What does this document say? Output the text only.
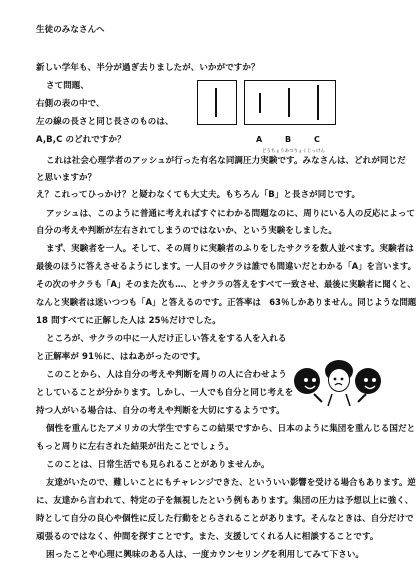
生徒のみなさんへ
新しい学年も、半分が過ぎ去りましたが、いかがですか？
さて問題、
右側の表の中で、
左の線の長さと同じ長さのものは、
A,B,C のどれですか？	A	B	C
どうちょうあつりょくじっけん
これは社会心理学者のアッシュが行った有名な同調圧力実験です。みなさんは、どれが同じだ
と思いますか？
え？これってひっかけ？と疑わなくても大丈夫。もちろん「B」と長さが同じです。
アッシュは、このように普通に考えればすぐにわかる問題なのに、周りにいる人の反応によって
自分の考えや判断が左右されてしまうのではないか、という実験をしました。
まず、実験者を一人。そして、その周りに実験者のふりをしたサクラを数人並べます。実験者は
最後のほうに答えさせるようにします。一人目のサクラは誰でも間違いだとわかる「A」を言います。
その次のサクラも「A」そのまた次も…、とサクラの答えをすべて一致させ、最後に実験者に聞くと、
なんと実験者は迷いつつも「A」と答えるのです。正答率は　63％しかありません。同じような問題
18 問すべてに正解した人は 25％だけでした。
ところが、サクラの中に一人だけ正しい答えをする人を入れる
と正解率が 91％に、はねあがったのです。
このことから、人は自分の考えや判断を周りの人に合わせよう
としていることが分かります。しかし、一人でも自分と同じ考えを
持つ人がいる場合は、自分の考えや判断を大切にするようです。
個性を重んじたアメリカの大学生ですらこの結果ですから、日本のように集団を重んじる国だと
もっと周りに左右された結果が出たことでしょう。
このことは、日常生活でも見られることがありませんか。
友達がいたので、難しいことにもチャレンジできた、といういい影響を受ける場合もあります。逆
に、友達から言われて、特定の子を無視したという例もあります。集団の圧力は予想以上に強く、
時として自分の良心や個性に反した行動をとらされることがあります。そんなときは、自分だけで
頑張るのではなく、仲間を探すことです。また、支援してくれる人に相談することです。
困ったことや心理に興味のある人は、一度カウンセリングを利用してみて下さい。
